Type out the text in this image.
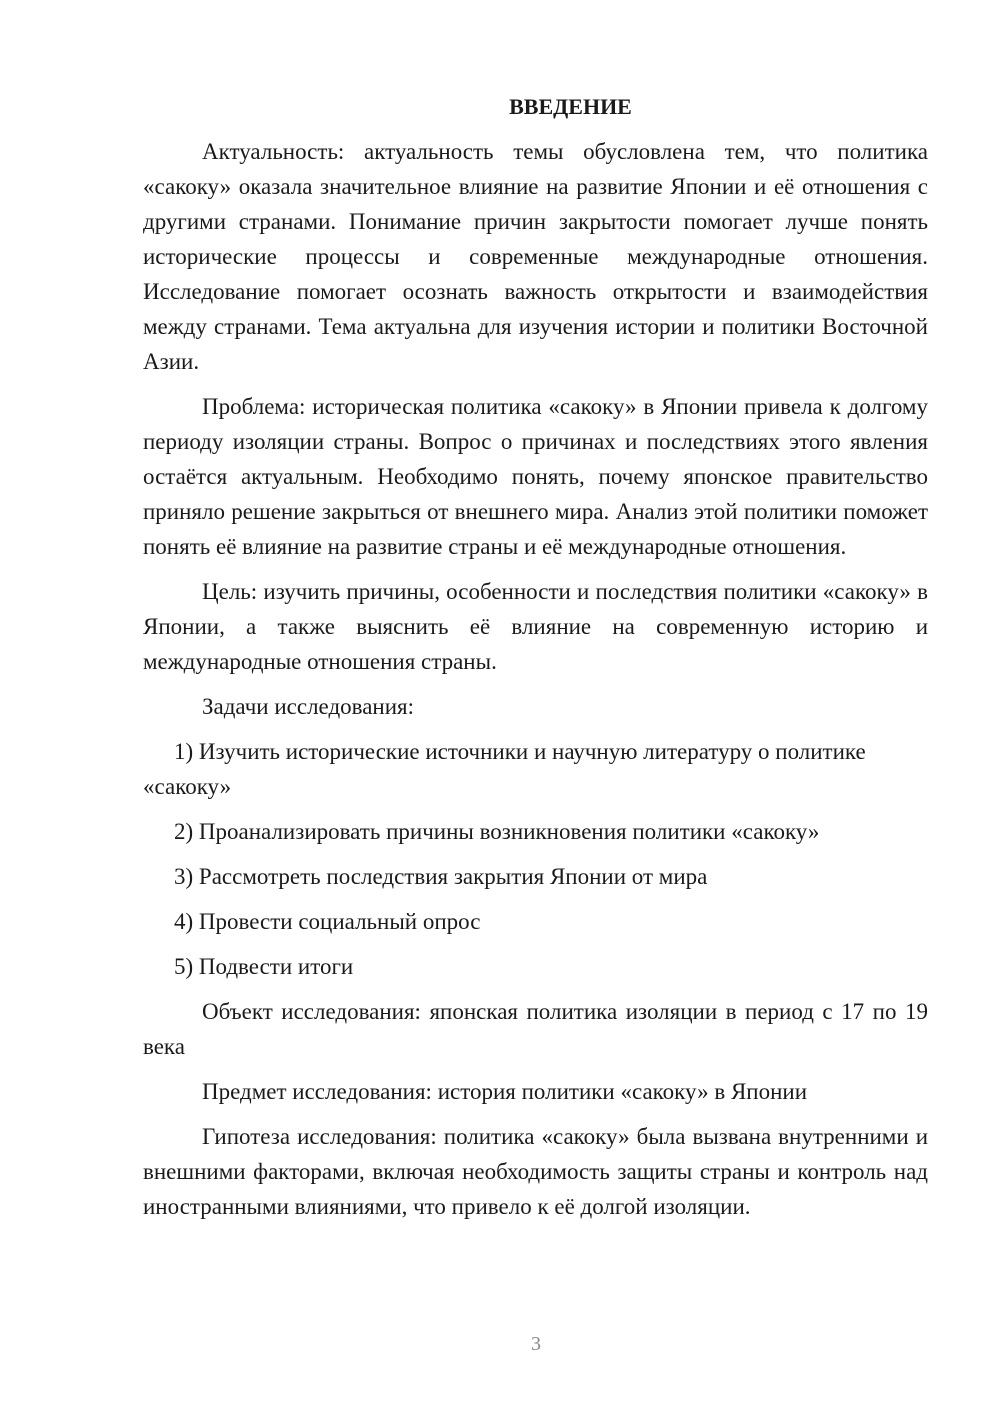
ВВЕДЕНИЕ

Актуальность: актуальность темы обусловлена тем, что политика «сакоку» оказала значительное влияние на развитие Японии и её отношения с другими странами. Понимание причин закрытости помогает лучше понять исторические процессы и современные международные отношения. Исследование помогает осознать важность открытости и взаимодействия между странами. Тема актуальна для изучения истории и политики Восточной Азии.

Проблема: историческая политика «сакоку» в Японии привела к долгому периоду изоляции страны. Вопрос о причинах и последствиях этого явления остаётся актуальным. Необходимо понять, почему японское правительство приняло решение закрыться от внешнего мира. Анализ этой политики поможет понять её влияние на развитие страны и её международные отношения.

Цель: изучить причины, особенности и последствия политики «сакоку» в Японии, а также выяснить её влияние на современную историю и международные отношения страны.

Задачи исследования:

1) Изучить исторические источники и научную литературу о политике «сакоку»

2) Проанализировать причины возникновения политики «сакоку»

3) Рассмотреть последствия закрытия Японии от мира

4) Провести социальный опрос

5) Подвести итоги

Объект исследования: японская политика изоляции в период с 17 по 19 века

Предмет исследования: история политики «сакоку» в Японии

Гипотеза исследования: политика «сакоку» была вызвана внутренними и внешними факторами, включая необходимость защиты страны и контроль над иностранными влияниями, что привело к её долгой изоляции.

3
